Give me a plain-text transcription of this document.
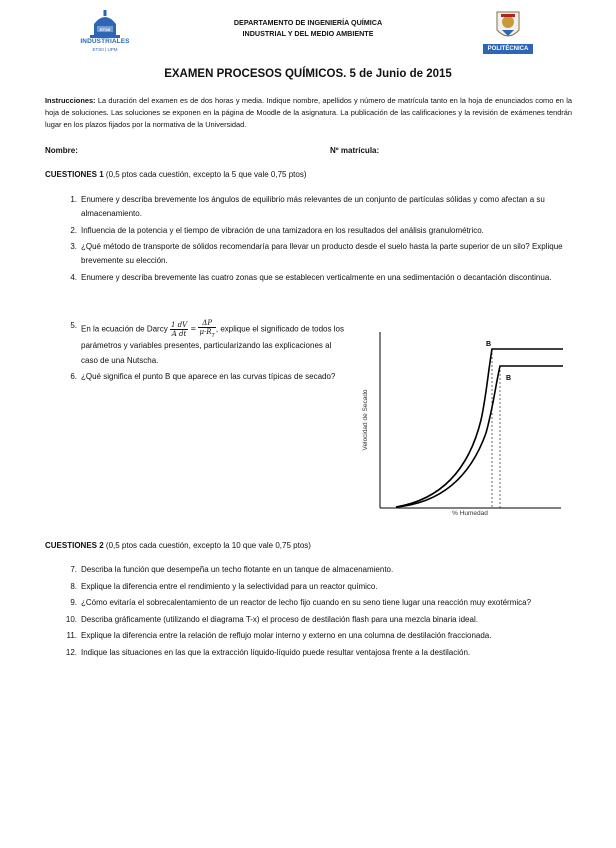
ETSII
INDUSTRIALES
ETSII | UPM
DEPARTAMENTO DE INGENIERÍA QUÍMICA
INDUSTRIAL Y DEL MEDIO AMBIENTE
POLITÉCNICA
EXAMEN PROCESOS QUÍMICOS. 5 de Junio de 2015
Instrucciones: La duración del examen es de dos horas y media. Indique nombre, apellidos y número de matrícula tanto en la hoja de enunciados como en la hoja de soluciones. Las soluciones se exponen en la página de Moodle de la asignatura. La publicación de las calificaciones y la revisión de exámenes tendrán lugar en los plazos fijados por la normativa de la Universidad.
Nombre:	Nº matrícula:
CUESTIONES 1 (0,5 ptos cada cuestión, excepto la 5 que vale 0,75 ptos)
1. Enumere y describa brevemente los ángulos de equilibrio más relevantes de un conjunto de partículas sólidas y como afectan a su almacenamiento.
2. Influencia de la potencia y el tiempo de vibración de una tamizadora en los resultados del análisis granulométrico.
3. ¿Qué método de transporte de sólidos recomendaría para llevar un producto desde el suelo hasta la parte superior de un silo? Explique brevemente su elección.
4. Enumere y describa brevemente las cuatro zonas que se establecen verticalmente en una sedimentación o decantación discontinua.
5. En la ecuación de Darcy $\frac{1 dV}{\text{A dt}} = \frac{\Delta P}{\mu\cdot R_T}$ , explique el significado de todos los parámetros y variables presentes, particularizando las explicaciones al caso de una Nutscha.
6. ¿Qué significa el punto B que aparece en las curvas típicas de secado?
Velocidad de Secado
% Humedad
B
B
CUESTIONES 2 (0,5 ptos cada cuestión, excepto la 10 que vale 0,75 ptos)
7. Describa la función que desempeña un techo flotante en un tanque de almacenamiento.
8. Explique la diferencia entre el rendimiento y la selectividad para un reactor químico.
9. ¿Cómo evitaría el sobrecalentamiento de un reactor de lecho fijo cuando en su seno tiene lugar una reacción muy exotérmica?
10. Describa gráficamente (utilizando el diagrama T-x) el proceso de destilación flash para una mezcla binaria ideal.
11. Explique la diferencia entre la relación de reflujo molar interno y externo en una columna de destilación fraccionada.
12. Indique las situaciones en las que la extracción líquido-líquido puede resultar ventajosa frente a la destilación.
